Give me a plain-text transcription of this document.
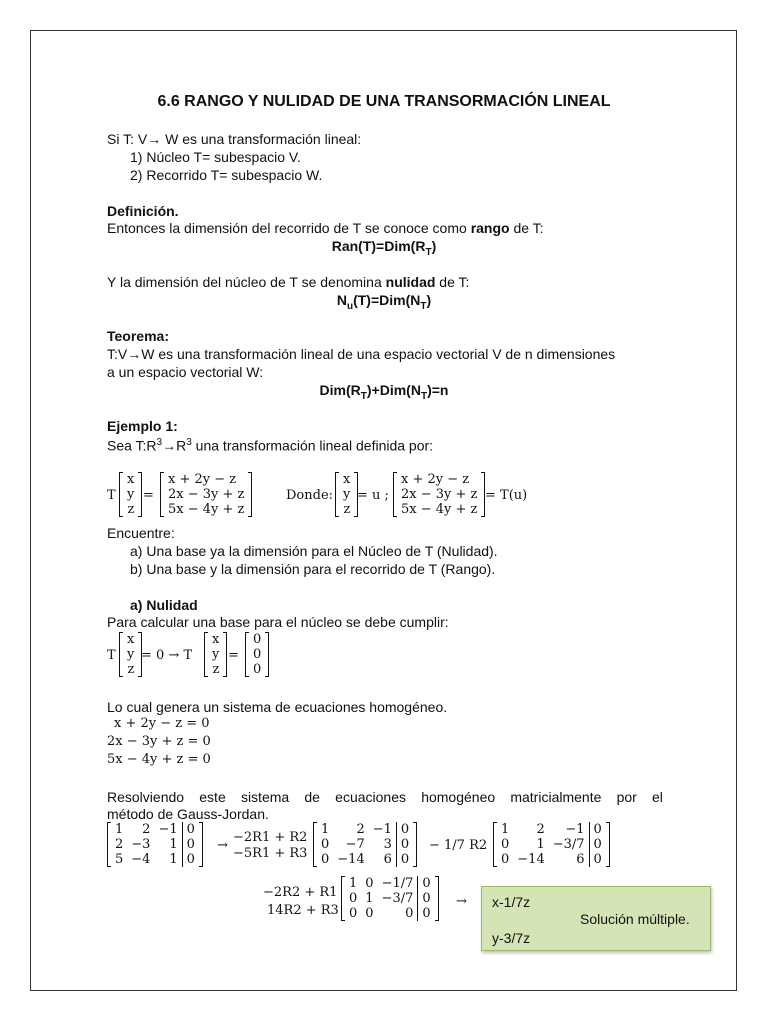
6.6 RANGO Y NULIDAD DE UNA TRANSORMACIÓN LINEAL
Si T: V→ W es una transformación lineal:
1) Núcleo T= subespacio V.
2) Recorrido T= subespacio W.
Definición.
Entonces la dimensión del recorrido de T se conoce como rango de T:
$Ran(T)=Dim(R_T)$
Y la dimensión del núcleo de T se denomina nulidad de T:
$N_u(T)=Dim(N_T)$
Teorema:
T:V→W es una transformación lineal de una espacio vectorial V de n dimensiones
a un espacio vectorial W:
$Dim(R_T)+Dim(N_T)=n$
Ejemplo 1:
Sea $T:R^3\to R^3$ una transformación lineal definida por:
T
x
y
z
=
x + 2y − z
2x − 3y + z
5x − 4y + z
Donde:
x
y
z
= u ;
x + 2y − z
2x − 3y + z
5x − 4y + z
= T(u)
Encuentre:
a) Una base ya la dimensión para el Núcleo de T (Nulidad).
b) Una base y la dimensión para el recorrido de T (Rango).
a) Nulidad
Para calcular una base para el núcleo se debe cumplir:
T
x
y
z
= 0 → T
x
y
z
=
0
0
0
Lo cual genera un sistema de ecuaciones homogéneo.
x + 2y − z = 0
2x − 3y + z = 0
5x − 4y + z = 0
Resolviendo este sistema de ecuaciones homogéneo matricialmente por el
método de Gauss-Jordan.
1	2	−1	0
2	−3	1	0
5	−4	1	0
→
−2R1 + R2
−5R1 + R3
1	2	−1	0
0	−7	3	0
0	−14	6	0
− 1/7 R2
1	2	−1	0
0	1	−3/7	0
0	−14	6	0
−2R2 + R1
14R2 + R3
1	0	−1/7	0
0	1	−3/7	0
0	0	0	0
→ x-1/7z
Solución múltiple.
y-3/7z
